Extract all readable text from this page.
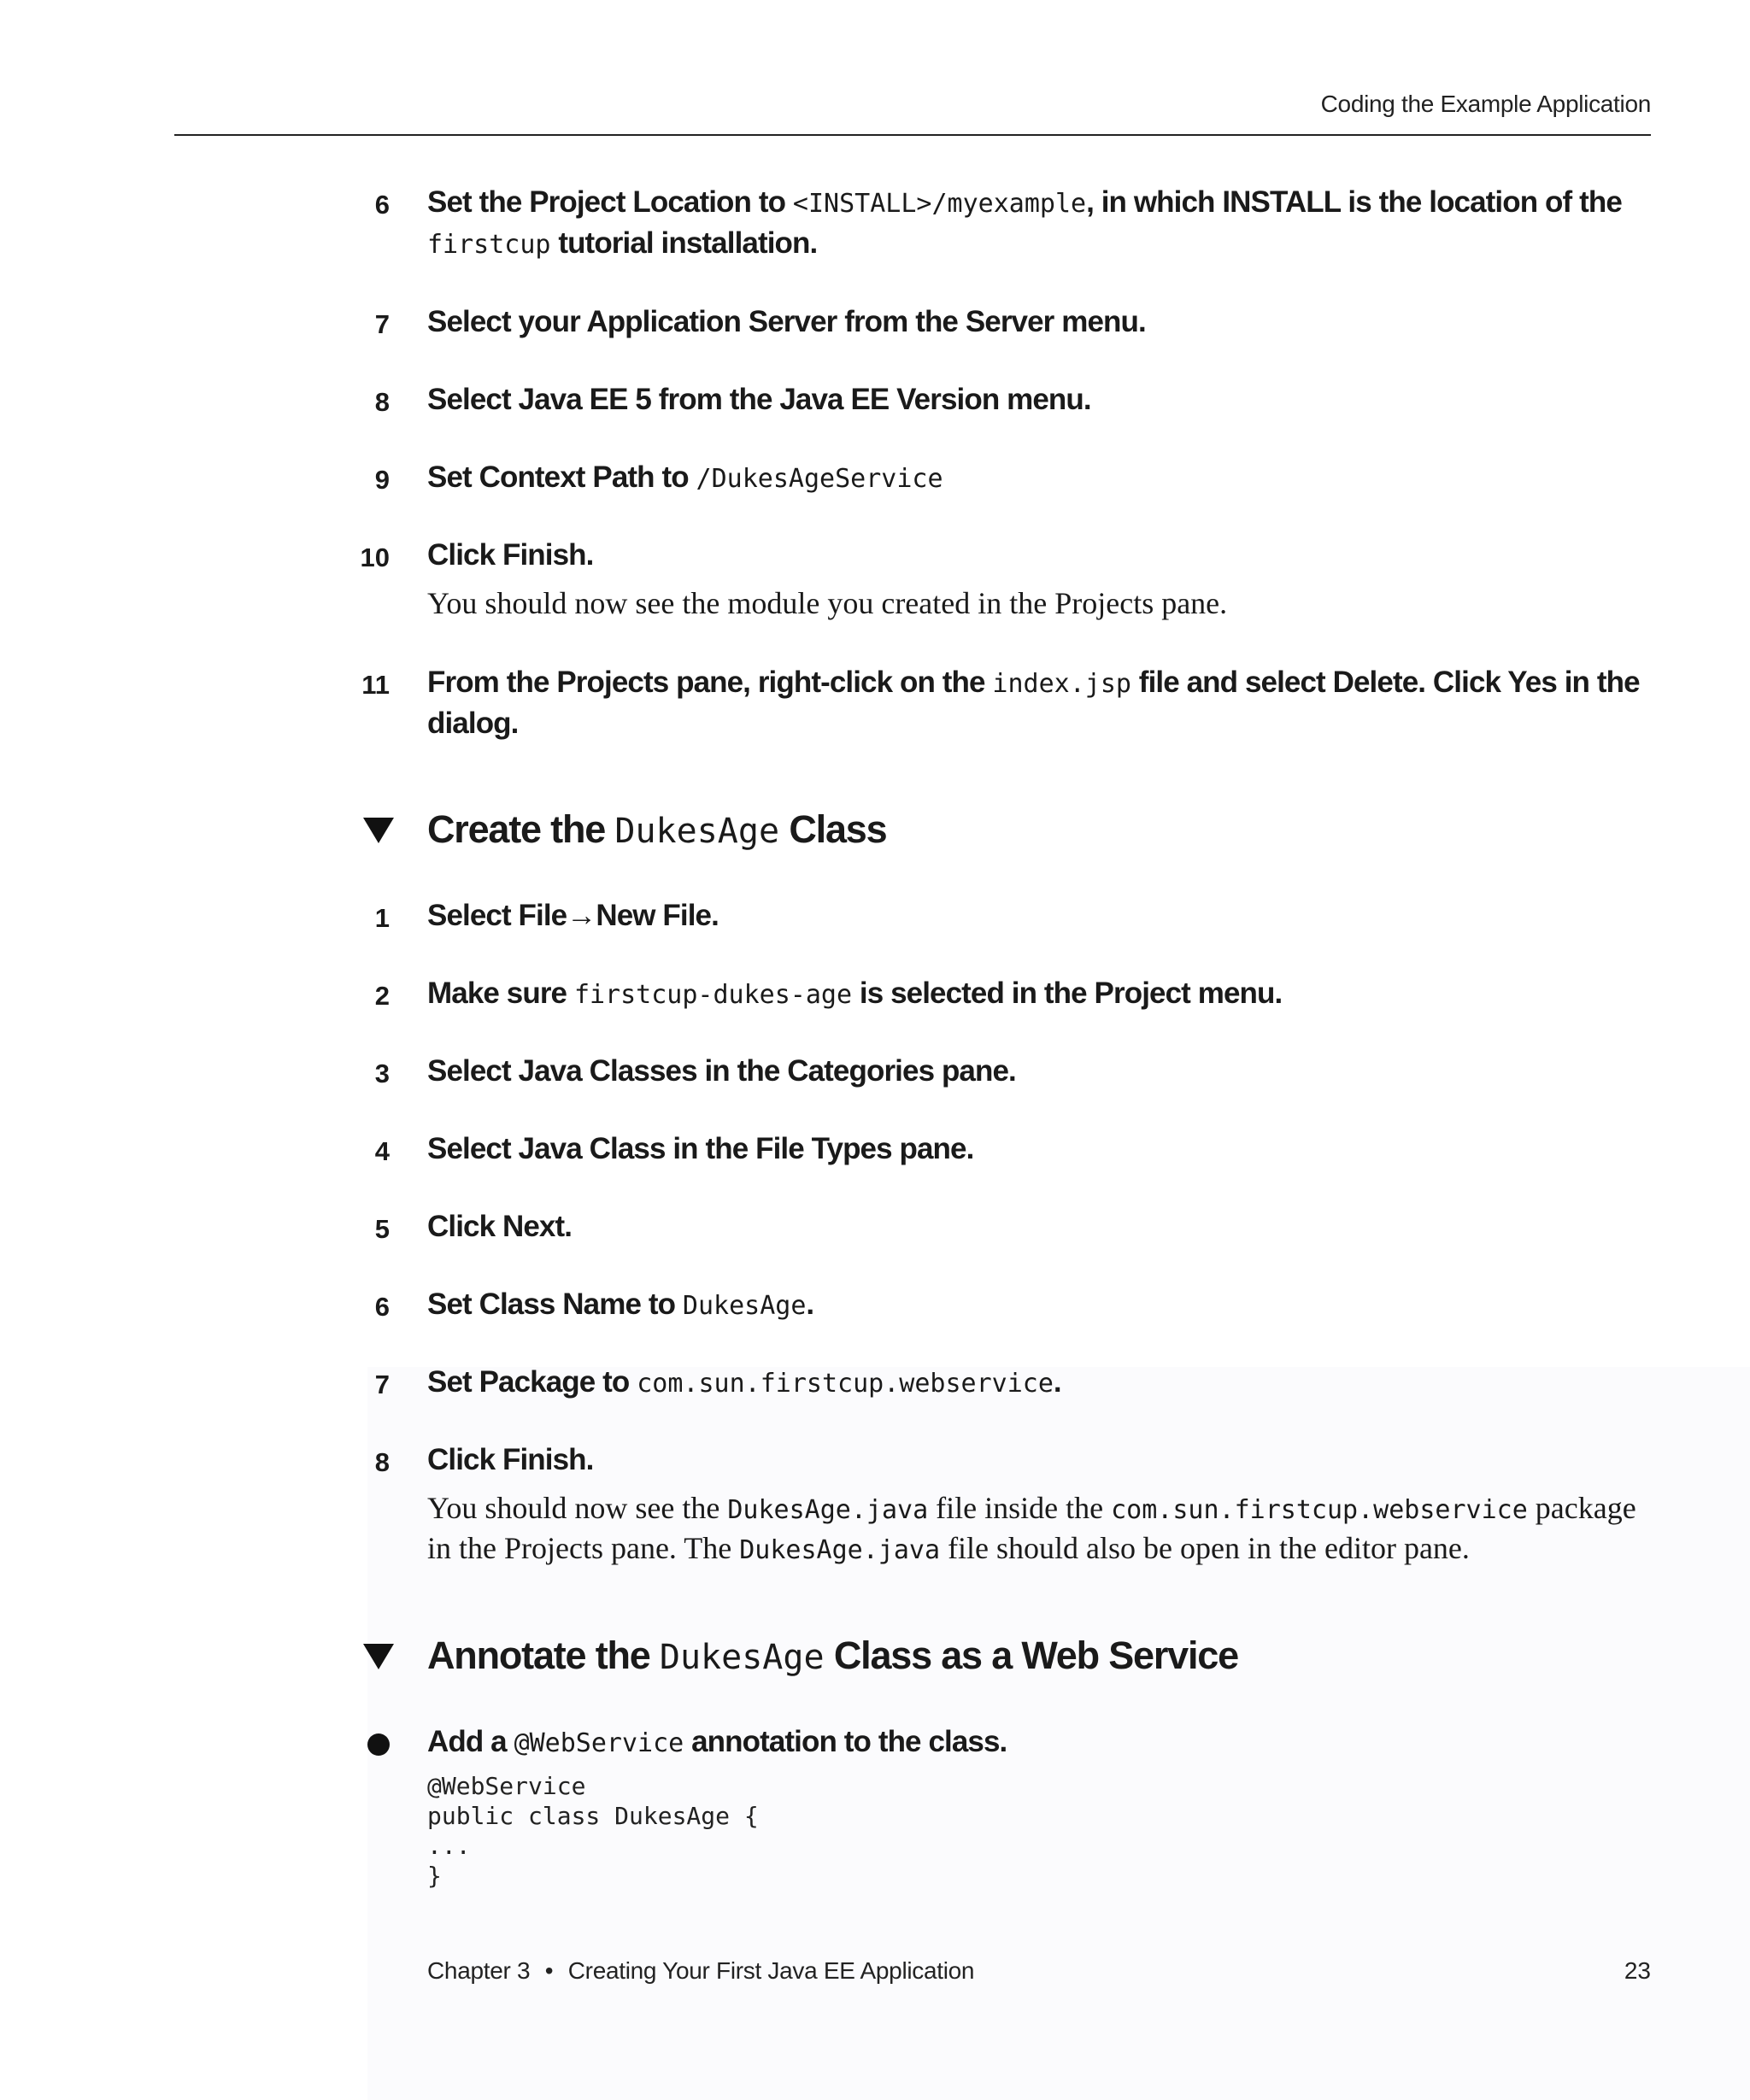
Coding the Example Application
6 Set the Project Location to <INSTALL>/myexample, in which INSTALL is the location of the firstcup tutorial installation.
7 Select your Application Server from the Server menu.
8 Select Java EE 5 from the Java EE Version menu.
9 Set Context Path to /DukesAgeService
10 Click Finish.
You should now see the module you created in the Projects pane.
11 From the Projects pane, right-click on the index.jsp file and select Delete. Click Yes in the dialog.
Create the DukesAge Class
1 Select File→New File.
2 Make sure firstcup-dukes-age is selected in the Project menu.
3 Select Java Classes in the Categories pane.
4 Select Java Class in the File Types pane.
5 Click Next.
6 Set Class Name to DukesAge.
7 Set Package to com.sun.firstcup.webservice.
8 Click Finish.
You should now see the DukesAge.java file inside the com.sun.firstcup.webservice package in the Projects pane. The DukesAge.java file should also be open in the editor pane.
Annotate the DukesAge Class as a Web Service
Add a @WebService annotation to the class.
@WebService
public class DukesAge {
...
}
Chapter 3 • Creating Your First Java EE Application	23
